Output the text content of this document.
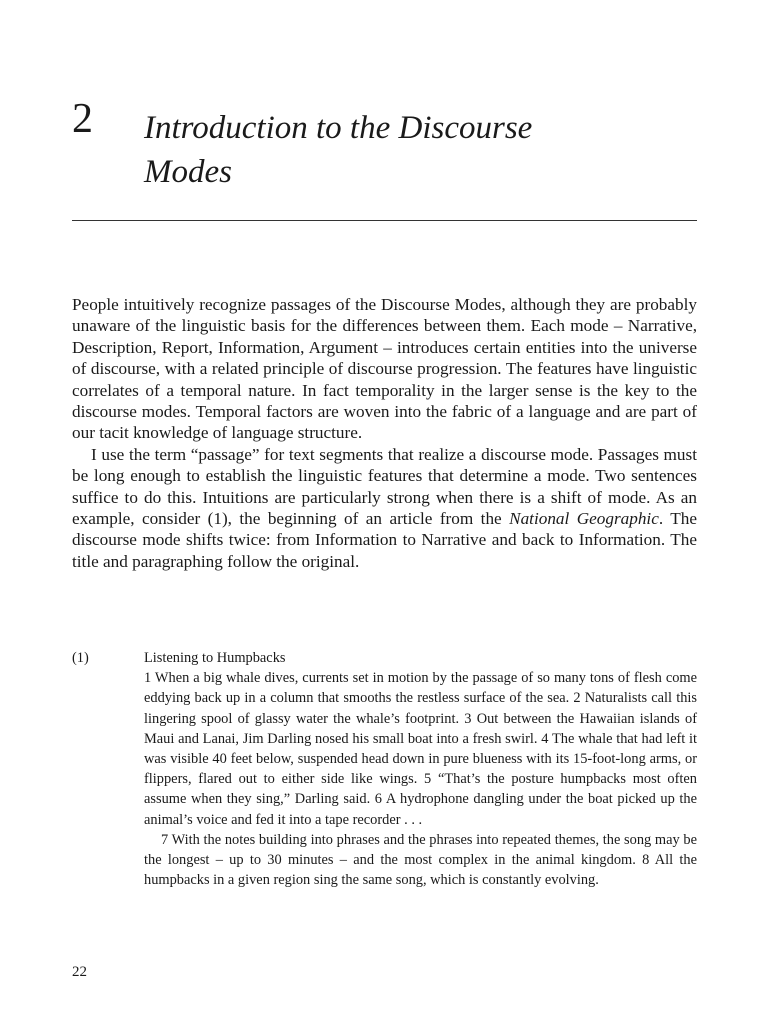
2 Introduction to the Discourse
Modes

People intuitively recognize passages of the Discourse Modes, although they are probably unaware of the linguistic basis for the differences between them. Each mode – Narrative, Description, Report, Information, Argument – introduces certain entities into the universe of discourse, with a related principle of discourse progression. The features have linguistic correlates of a temporal nature. In fact temporality in the larger sense is the key to the discourse modes. Temporal factors are woven into the fabric of a language and are part of our tacit knowledge of language structure.

I use the term “passage” for text segments that realize a discourse mode. Passages must be long enough to establish the linguistic features that determine a mode. Two sentences suffice to do this. Intuitions are particularly strong when there is a shift of mode. As an example, consider (1), the beginning of an article from the National Geographic. The discourse mode shifts twice: from Information to Narrative and back to Information. The title and paragraphing follow the original.

(1)	Listening to Humpbacks

1 When a big whale dives, currents set in motion by the passage of so many tons of flesh come eddying back up in a column that smooths the restless surface of the sea. 2 Naturalists call this lingering spool of glassy water the whale’s footprint. 3 Out between the Hawaiian islands of Maui and Lanai, Jim Darling nosed his small boat into a fresh swirl. 4 The whale that had left it was visible 40 feet below, suspended head down in pure blueness with its 15-foot-long arms, or flippers, flared out to either side like wings. 5 “That’s the posture humpbacks most often assume when they sing,” Darling said. 6 A hydrophone dangling under the boat picked up the animal’s voice and fed it into a tape recorder . . .

7 With the notes building into phrases and the phrases into repeated themes, the song may be the longest – up to 30 minutes – and the most complex in the animal kingdom. 8 All the humpbacks in a given region sing the same song, which is constantly evolving.

22
